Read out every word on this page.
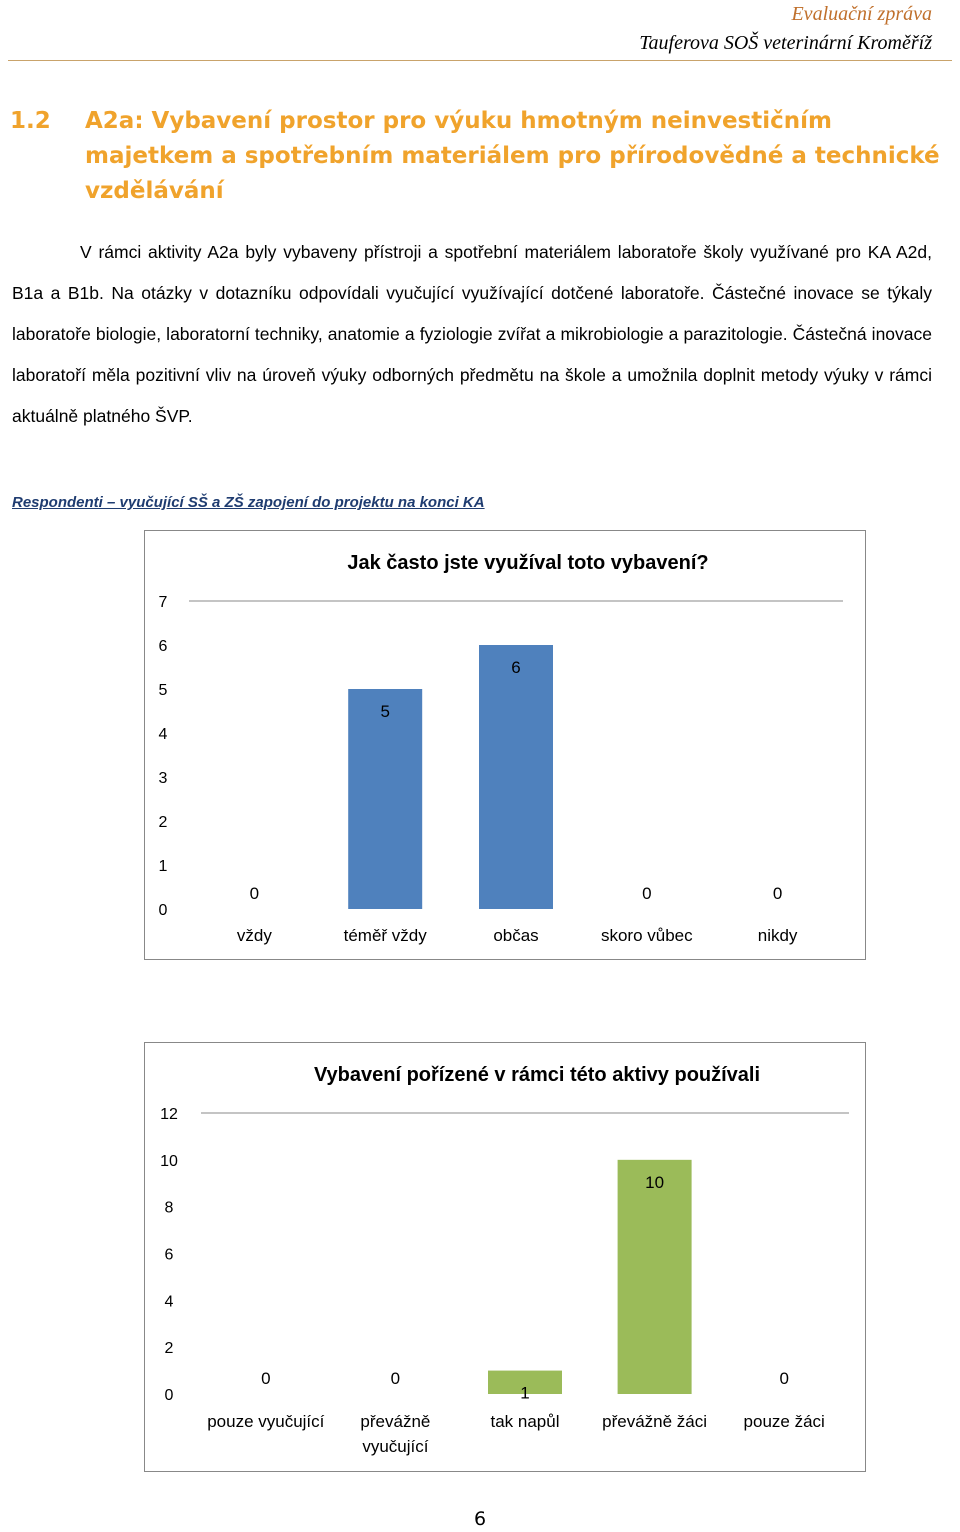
Evaluační zpráva
Tauferova SOŠ veterinární Kroměříž
1.2 A2a: Vybavení prostor pro výuku hmotným neinvestičním majetkem a spotřebním materiálem pro přírodovědné a technické vzdělávání
V rámci aktivity A2a byly vybaveny přístroji a spotřební materiálem laboratoře školy využívané pro KA A2d, B1a a B1b. Na otázky v dotazníku odpovídali vyučující využívající dotčené laboratoře. Částečné inovace se týkaly laboratoře biologie, laboratorní techniky, anatomie a fyziologie zvířat a mikrobiologie a parazitologie. Částečná inovace laboratoří měla pozitivní vliv na úroveň výuky odborných předmětu na škole a umožnila doplnit metody výuky v rámci aktuálně platného ŠVP.
Respondenti – vyučující SŠ a ZŠ zapojení do projektu na konci KA
Jak často jste využíval toto vybavení?
0
1
2
3
4
5
6
7
0
vždy
5
téměř vždy
6
občas
0
skoro vůbec
0
nikdy
Vybavení pořízené v rámci této aktivy používali
0
2
4
6
8
10
12
0
pouze vyučující
0
převážně
vyučující
1
tak napůl
10
převážně žáci
0
pouze žáci
6
